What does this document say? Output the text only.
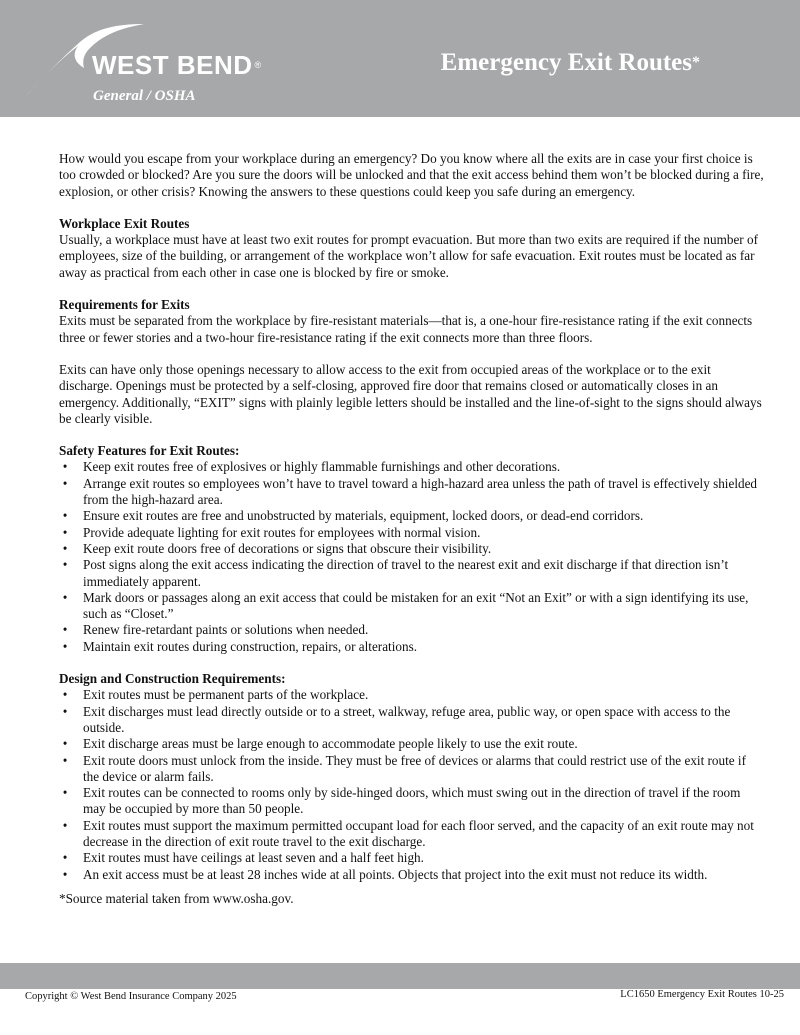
WEST BEND ®
General / OSHA
Emergency Exit Routes*

How would you escape from your workplace during an emergency? Do you know where all the exits are in case your first choice is too crowded or blocked? Are you sure the doors will be unlocked and that the exit access behind them won’t be blocked during a fire, explosion, or other crisis? Knowing the answers to these questions could keep you safe during an emergency.

Workplace Exit Routes

Usually, a workplace must have at least two exit routes for prompt evacuation. But more than two exits are required if the number of employees, size of the building, or arrangement of the workplace won’t allow for safe evacuation. Exit routes must be located as far away as practical from each other in case one is blocked by fire or smoke.

Requirements for Exits

Exits must be separated from the workplace by fire-resistant materials—that is, a one-hour fire-resistance rating if the exit connects three or fewer stories and a two-hour fire-resistance rating if the exit connects more than three floors.

Exits can have only those openings necessary to allow access to the exit from occupied areas of the workplace or to the exit discharge. Openings must be protected by a self-closing, approved fire door that remains closed or automatically closes in an emergency. Additionally, “EXIT” signs with plainly legible letters should be installed and the line-of-sight to the signs should always be clearly visible.

Safety Features for Exit Routes:

• Keep exit routes free of explosives or highly flammable furnishings and other decorations.
• Arrange exit routes so employees won’t have to travel toward a high-hazard area unless the path of travel is effectively shielded from the high-hazard area.
• Ensure exit routes are free and unobstructed by materials, equipment, locked doors, or dead-end corridors.
• Provide adequate lighting for exit routes for employees with normal vision.
• Keep exit route doors free of decorations or signs that obscure their visibility.
• Post signs along the exit access indicating the direction of travel to the nearest exit and exit discharge if that direction isn’t immediately apparent.
• Mark doors or passages along an exit access that could be mistaken for an exit “Not an Exit” or with a sign identifying its use, such as “Closet.”
• Renew fire-retardant paints or solutions when needed.
• Maintain exit routes during construction, repairs, or alterations.

Design and Construction Requirements:

• Exit routes must be permanent parts of the workplace.
• Exit discharges must lead directly outside or to a street, walkway, refuge area, public way, or open space with access to the outside.
• Exit discharge areas must be large enough to accommodate people likely to use the exit route.
• Exit route doors must unlock from the inside. They must be free of devices or alarms that could restrict use of the exit route if the device or alarm fails.
• Exit routes can be connected to rooms only by side-hinged doors, which must swing out in the direction of travel if the room may be occupied by more than 50 people.
• Exit routes must support the maximum permitted occupant load for each floor served, and the capacity of an exit route may not decrease in the direction of exit route travel to the exit discharge.
• Exit routes must have ceilings at least seven and a half feet high.
• An exit access must be at least 28 inches wide at all points. Objects that project into the exit must not reduce its width.

*Source material taken from www.osha.gov.

Copyright © West Bend Insurance Company 2025	LC1650 Emergency Exit Routes 10-25
